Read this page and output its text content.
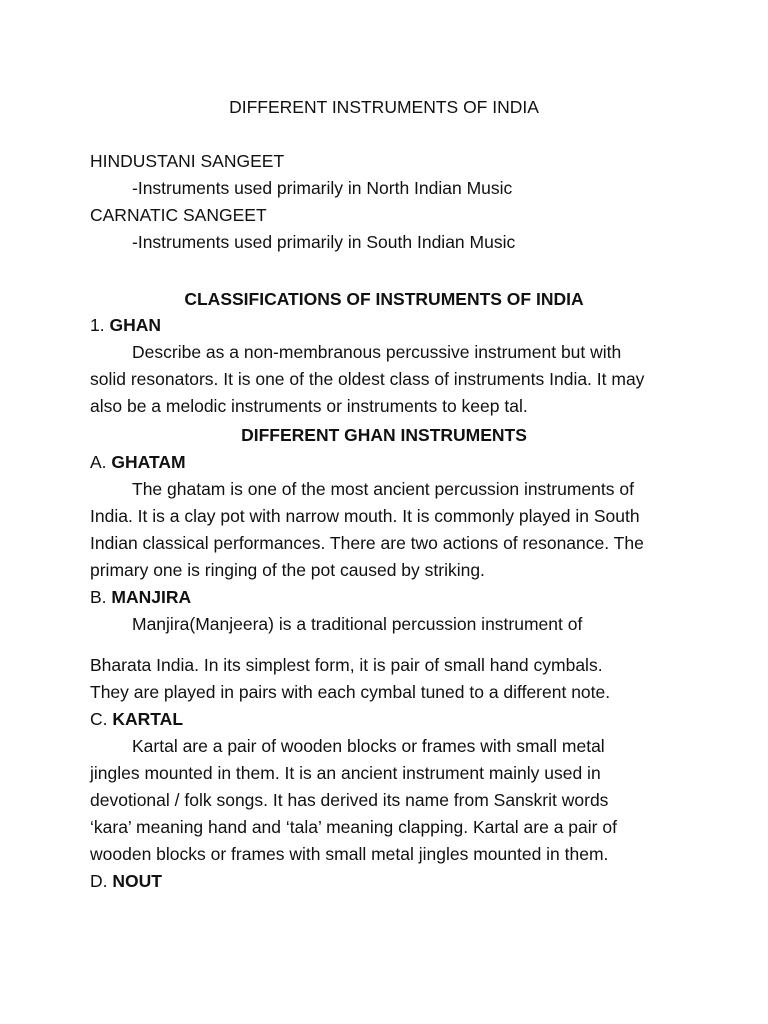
DIFFERENT INSTRUMENTS OF INDIA

HINDUSTANI SANGEET

-Instruments used primarily in North Indian Music

CARNATIC SANGEET

-Instruments used primarily in South Indian Music

CLASSIFICATIONS OF INSTRUMENTS OF INDIA

1. GHAN

Describe as a non-membranous percussive instrument but with

solid resonators. It is one of the oldest class of instruments India. It may

also be a melodic instruments or instruments to keep tal.

DIFFERENT GHAN INSTRUMENTS

A. GHATAM

The ghatam is one of the most ancient percussion instruments of

India. It is a clay pot with narrow mouth. It is commonly played in South

Indian classical performances. There are two actions of resonance. The

primary one is ringing of the pot caused by striking.

B. MANJIRA

Manjira(Manjeera) is a traditional percussion instrument of

Bharata India. In its simplest form, it is pair of small hand cymbals.

They are played in pairs with each cymbal tuned to a different note.

C. KARTAL

Kartal are a pair of wooden blocks or frames with small metal

jingles mounted in them. It is an ancient instrument mainly used in

devotional / folk songs. It has derived its name from Sanskrit words

‘kara’ meaning hand and ‘tala’ meaning clapping. Kartal are a pair of

wooden blocks or frames with small metal jingles mounted in them.

D. NOUT
